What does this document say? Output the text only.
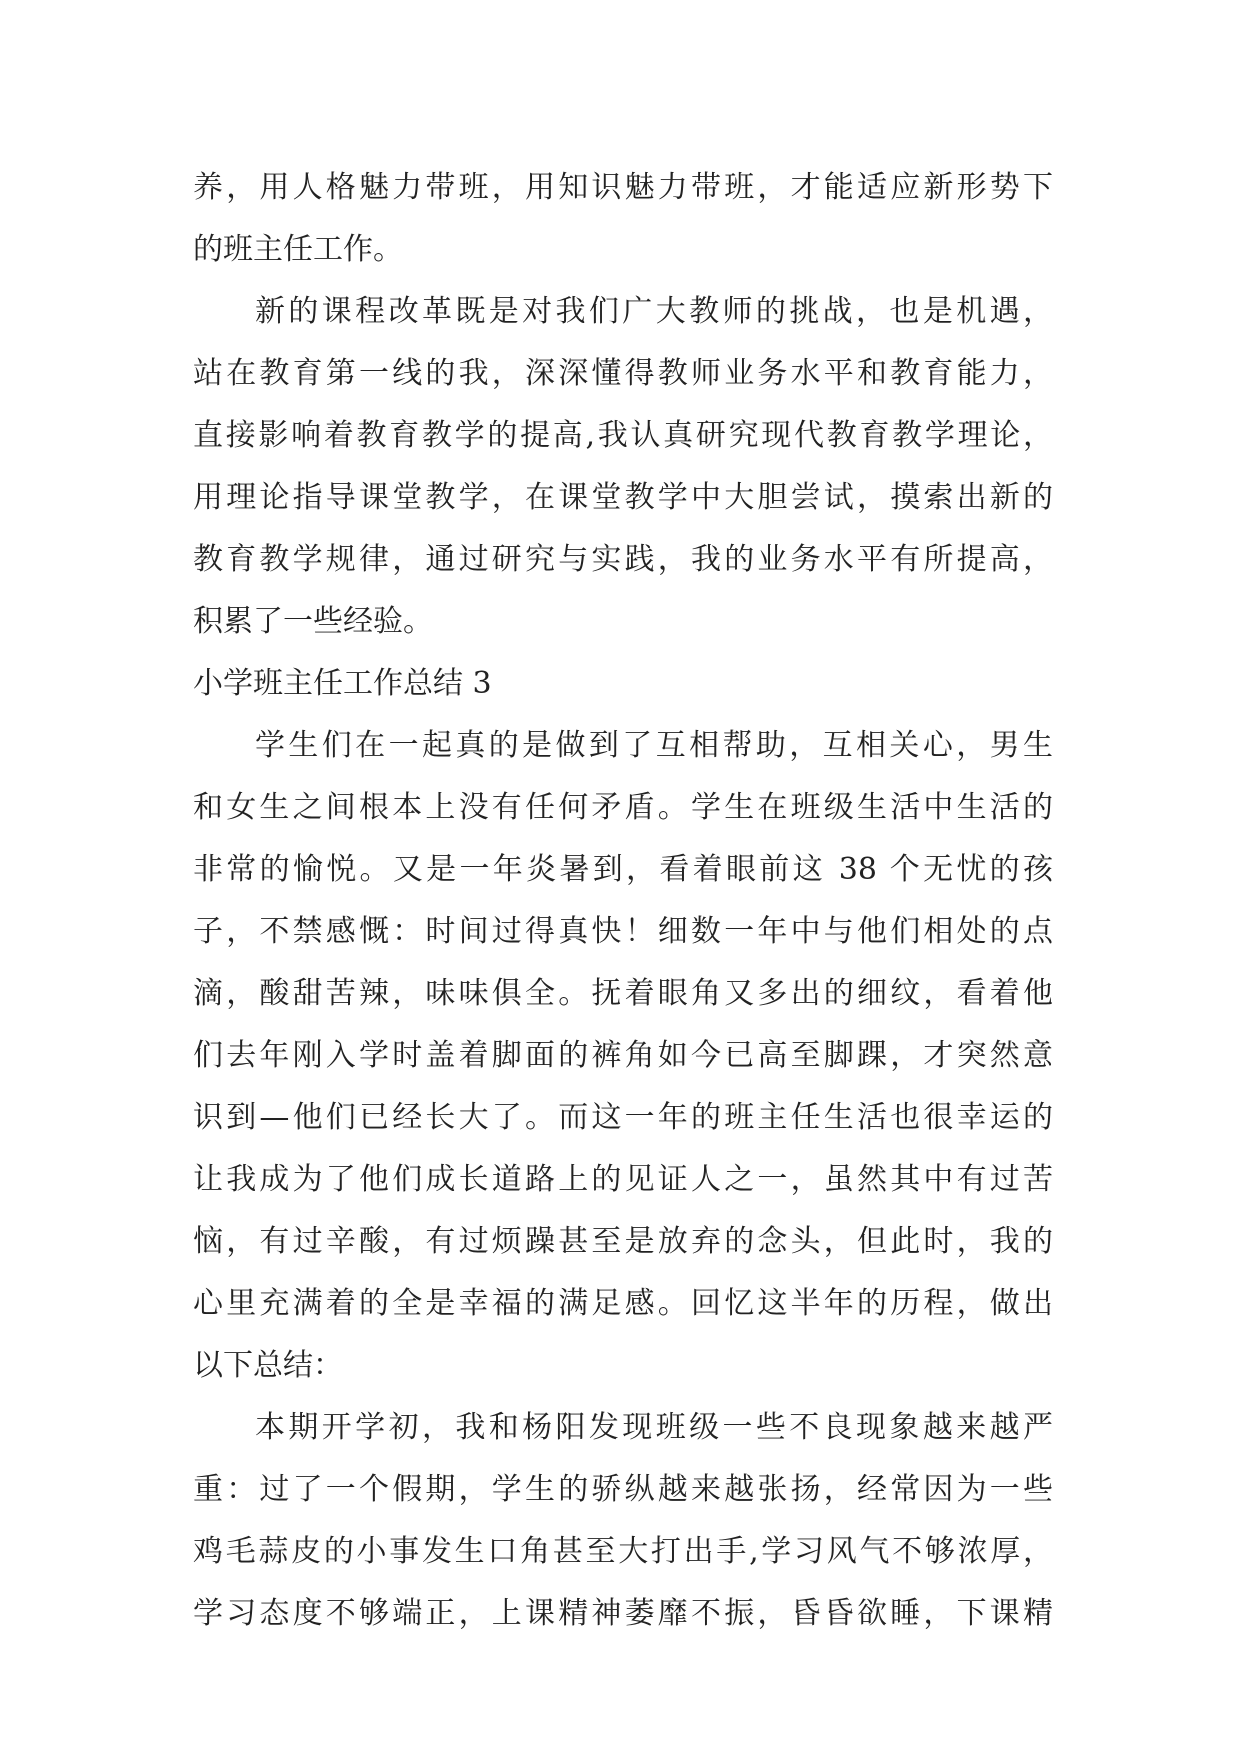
养，用人格魅力带班，用知识魅力带班，才能适应新形势下
的班主任工作。
新的课程改革既是对我们广大教师的挑战，也是机遇，
站在教育第一线的我，深深懂得教师业务水平和教育能力，
直接影响着教育教学的提高,我认真研究现代教育教学理论，
用理论指导课堂教学，在课堂教学中大胆尝试，摸索出新的
教育教学规律，通过研究与实践，我的业务水平有所提高，
积累了一些经验。
小学班主任工作总结 3
学生们在一起真的是做到了互相帮助，互相关心，男生
和女生之间根本上没有任何矛盾。学生在班级生活中生活的
非常的愉悦。又是一年炎暑到，看着眼前这 38 个无忧的孩
子，不禁感慨：时间过得真快！细数一年中与他们相处的点
滴，酸甜苦辣，味味俱全。抚着眼角又多出的细纹，看着他
们去年刚入学时盖着脚面的裤角如今已高至脚踝，才突然意
识到—他们已经长大了。而这一年的班主任生活也很幸运的
让我成为了他们成长道路上的见证人之一，虽然其中有过苦
恼，有过辛酸，有过烦躁甚至是放弃的念头，但此时，我的
心里充满着的全是幸福的满足感。回忆这半年的历程，做出
以下总结：
本期开学初，我和杨阳发现班级一些不良现象越来越严
重：过了一个假期，学生的骄纵越来越张扬，经常因为一些
鸡毛蒜皮的小事发生口角甚至大打出手,学习风气不够浓厚，
学习态度不够端正，上课精神萎靡不振，昏昏欲睡，下课精
